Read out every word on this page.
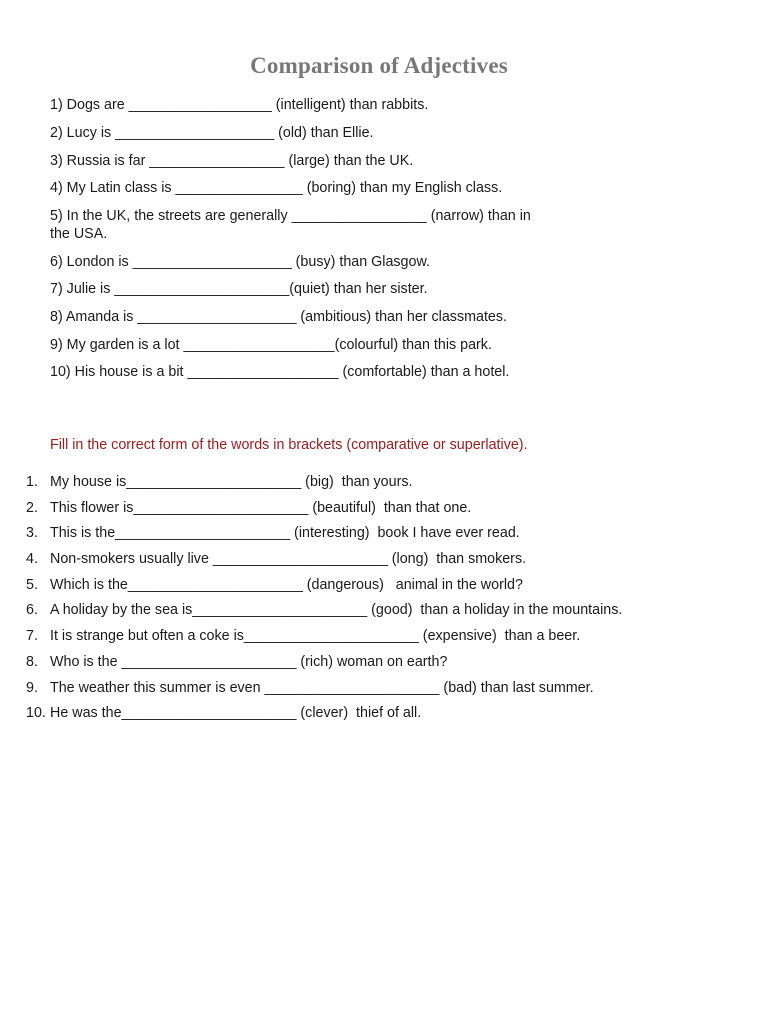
Comparison of Adjectives
1) Dogs are __________________ (intelligent) than rabbits.
2) Lucy is ____________________ (old) than Ellie.
3) Russia is far _________________ (large) than the UK.
4) My Latin class is ________________ (boring) than my English class.
5) In the UK, the streets are generally _________________ (narrow) than in
the USA.
6) London is ____________________ (busy) than Glasgow.
7) Julie is ______________________(quiet) than her sister.
8) Amanda is ____________________ (ambitious) than her classmates.
9) My garden is a lot ___________________(colourful) than this park.
10) His house is a bit ___________________ (comfortable) than a hotel.
Fill in the correct form of the words in brackets (comparative or superlative).
1. My house is______________________ (big)  than yours.
2. This flower is______________________ (beautiful)  than that one.
3. This is the______________________ (interesting)  book I have ever read.
4. Non-smokers usually live ______________________ (long)  than smokers.
5. Which is the______________________ (dangerous)   animal in the world?
6. A holiday by the sea is______________________ (good)  than a holiday in the mountains.
7. It is strange but often a coke is______________________ (expensive)  than a beer.
8. Who is the ______________________ (rich) woman on earth?
9. The weather this summer is even ______________________ (bad) than last summer.
10. He was the______________________ (clever)  thief of all.
